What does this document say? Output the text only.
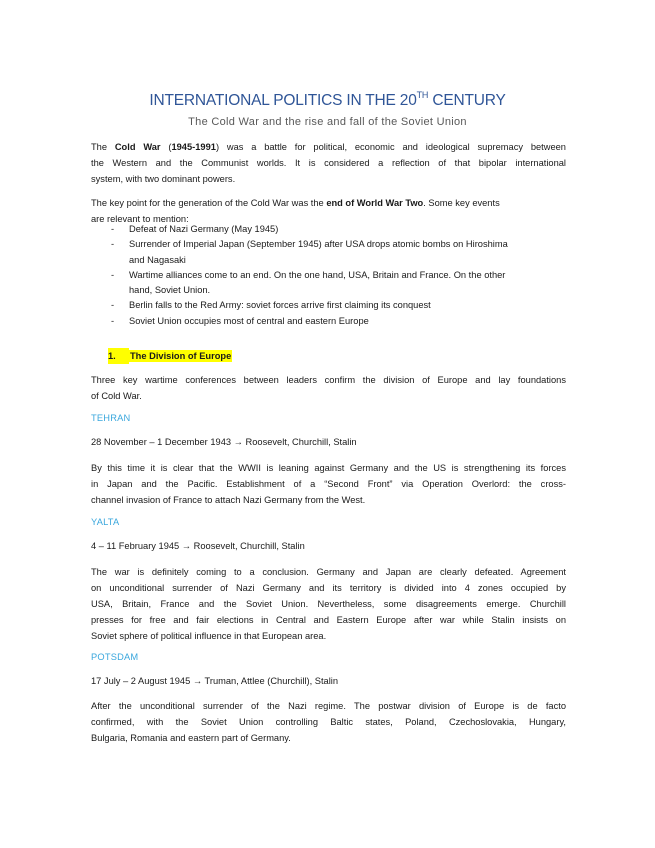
INTERNATIONAL POLITICS IN THE 20TH CENTURY
The Cold War and the rise and fall of the Soviet Union
The Cold War (1945-1991) was a battle for political, economic and ideological supremacy between
the Western and the Communist worlds. It is considered a reflection of that bipolar international
system, with two dominant powers.
The key point for the generation of the Cold War was the end of World War Two. Some key events
are relevant to mention:
- Defeat of Nazi Germany (May 1945)
- Surrender of Imperial Japan (September 1945) after USA drops atomic bombs on Hiroshima
and Nagasaki
- Wartime alliances come to an end. On the one hand, USA, Britain and France. On the other
hand, Soviet Union.
- Berlin falls to the Red Army: soviet forces arrive first claiming its conquest
- Soviet Union occupies most of central and eastern Europe
1. The Division of Europe
Three key wartime conferences between leaders confirm the division of Europe and lay foundations
of Cold War.
TEHRAN
28 November – 1 December 1943 → Roosevelt, Churchill, Stalin
By this time it is clear that the WWII is leaning against Germany and the US is strengthening its forces
in Japan and the Pacific. Establishment of a “Second Front” via Operation Overlord: the cross-
channel invasion of France to attach Nazi Germany from the West.
YALTA
4 – 11 February 1945 → Roosevelt, Churchill, Stalin
The war is definitely coming to a conclusion. Germany and Japan are clearly defeated. Agreement
on unconditional surrender of Nazi Germany and its territory is divided into 4 zones occupied by
USA, Britain, France and the Soviet Union. Nevertheless, some disagreements emerge. Churchill
presses for free and fair elections in Central and Eastern Europe after war while Stalin insists on
Soviet sphere of political influence in that European area.
POTSDAM
17 July – 2 August 1945 → Truman, Attlee (Churchill), Stalin
After the unconditional surrender of the Nazi regime. The postwar division of Europe is de facto
confirmed, with the Soviet Union controlling Baltic states, Poland, Czechoslovakia, Hungary,
Bulgaria, Romania and eastern part of Germany.
